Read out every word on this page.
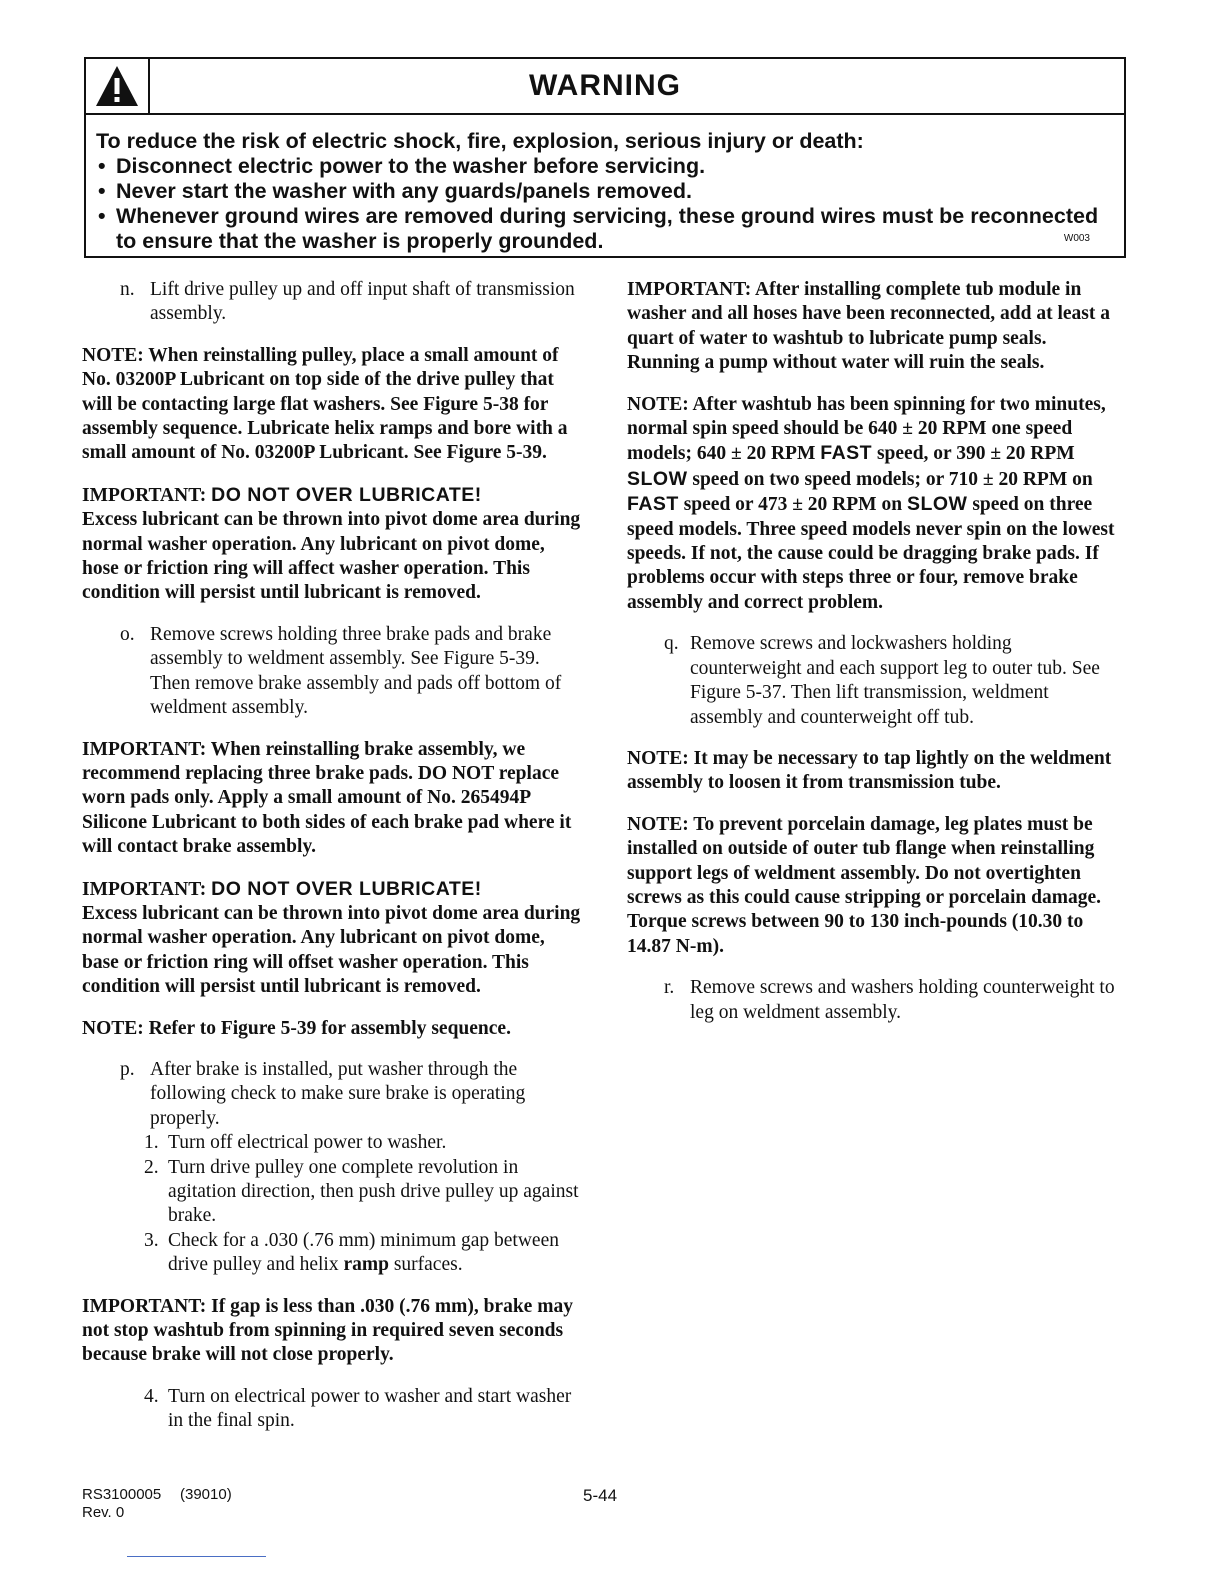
WARNING
To reduce the risk of electric shock, fire, explosion, serious injury or death:
• Disconnect electric power to the washer before servicing.
• Never start the washer with any guards/panels removed.
• Whenever ground wires are removed during servicing, these ground wires must be reconnected to ensure that the washer is properly grounded.	W003
n. Lift drive pulley up and off input shaft of transmission assembly.

NOTE: When reinstalling pulley, place a small amount of No. 03200P Lubricant on top side of the drive pulley that will be contacting large flat washers. See Figure 5-38 for assembly sequence. Lubricate helix ramps and bore with a small amount of No. 03200P Lubricant. See Figure 5-39.

IMPORTANT: DO NOT OVER LUBRICATE!
Excess lubricant can be thrown into pivot dome area during normal washer operation. Any lubricant on pivot dome, hose or friction ring will affect washer operation. This condition will persist until lubricant is removed.

o. Remove screws holding three brake pads and brake assembly to weldment assembly. See Figure 5-39. Then remove brake assembly and pads off bottom of weldment assembly.

IMPORTANT: When reinstalling brake assembly, we recommend replacing three brake pads. DO NOT replace worn pads only. Apply a small amount of No. 265494P Silicone Lubricant to both sides of each brake pad where it will contact brake assembly.

IMPORTANT: DO NOT OVER LUBRICATE!
Excess lubricant can be thrown into pivot dome area during normal washer operation. Any lubricant on pivot dome, base or friction ring will offset washer operation. This condition will persist until lubricant is removed.

NOTE: Refer to Figure 5-39 for assembly sequence.

p. After brake is installed, put washer through the following check to make sure brake is operating properly.
1. Turn off electrical power to washer.
2. Turn drive pulley one complete revolution in agitation direction, then push drive pulley up against brake.
3. Check for a .030 (.76 mm) minimum gap between drive pulley and helix ramp surfaces.

IMPORTANT: If gap is less than .030 (.76 mm), brake may not stop washtub from spinning in required seven seconds because brake will not close properly.

4. Turn on electrical power to washer and start washer in the final spin.

IMPORTANT: After installing complete tub module in washer and all hoses have been reconnected, add at least a quart of water to washtub to lubricate pump seals. Running a pump without water will ruin the seals.

NOTE: After washtub has been spinning for two minutes, normal spin speed should be 640 ± 20 RPM one speed models; 640 ± 20 RPM FAST speed, or 390 ± 20 RPM SLOW speed on two speed models; or 710 ± 20 RPM on FAST speed or 473 ± 20 RPM on SLOW speed on three speed models. Three speed models never spin on the lowest speeds. If not, the cause could be dragging brake pads. If problems occur with steps three or four, remove brake assembly and correct problem.

q. Remove screws and lockwashers holding counterweight and each support leg to outer tub. See Figure 5-37. Then lift transmission, weldment assembly and counterweight off tub.

NOTE: It may be necessary to tap lightly on the weldment assembly to loosen it from transmission tube.

NOTE: To prevent porcelain damage, leg plates must be installed on outside of outer tub flange when reinstalling support legs of weldment assembly. Do not overtighten screws as this could cause stripping or porcelain damage. Torque screws between 90 to 130 inch-pounds (10.30 to 14.87 N-m).

r. Remove screws and washers holding counterweight to leg on weldment assembly.
RS3100005 (39010)
Rev. 0
5-44
